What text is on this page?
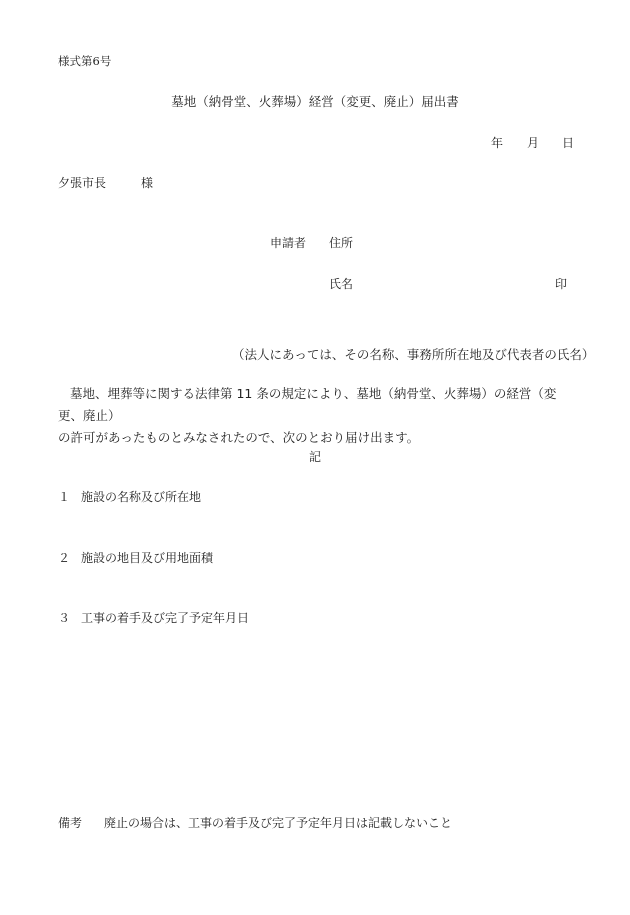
様式第6号
墓地（納骨堂、火葬場）経営（変更、廃止）届出書
年 月 日
夕張市長	様
申請者 住所
氏名	印
（法人にあっては、その名称、事務所所在地及び代表者の氏名）

墓地、埋葬等に関する法律第 11 条の規定により、墓地（納骨堂、火葬場）の経営（変更、廃止）

の許可があったものとみなされたので、次のとおり届け出ます。

記
１ 施設の名称及び所在地
２ 施設の地目及び用地面積
３ 工事の着手及び完了予定年月日
備考 廃止の場合は、工事の着手及び完了予定年月日は記載しないこと
